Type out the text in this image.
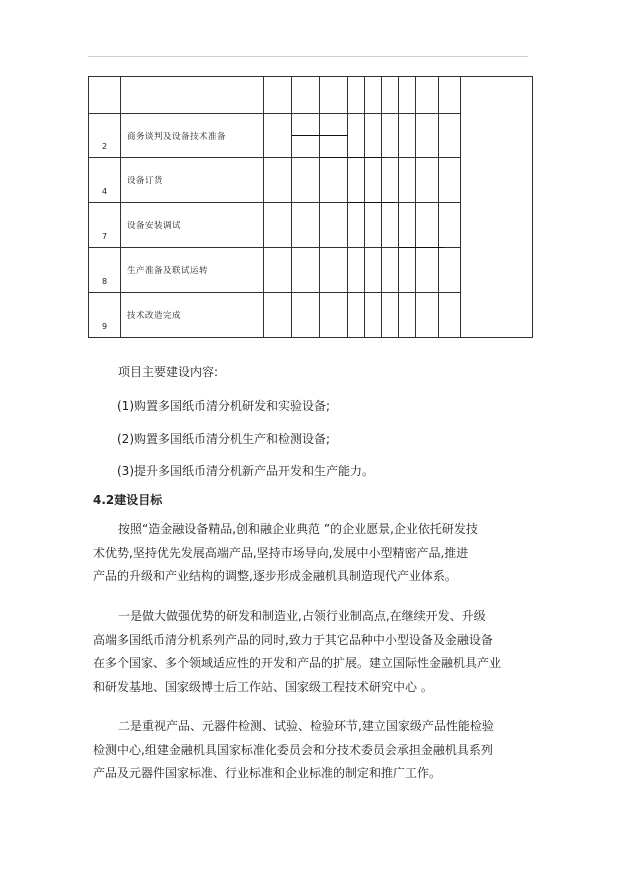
2	商务谈判及设备技术准备			

4	设备订货				

7	设备安装调试					

8	生产准备及联试运转								

9	技术改造完成										
项目主要建设内容:
(1)购置多国纸币清分机研发和实验设备;
(2)购置多国纸币清分机生产和检测设备;
(3)提升多国纸币清分机新产品开发和生产能力。
4.2建设目标
按照“造金融设备精品,创和融企业典范 ”的企业愿景,企业依托研发技
术优势,坚持优先发展高端产品,坚持市场导向,发展中小型精密产品,推进
产品的升级和产业结构的调整,逐步形成金融机具制造现代产业体系。
一是做大做强优势的研发和制造业,占领行业制高点,在继续开发、升级
高端多国纸币清分机系列产品的同时,致力于其它品种中小型设备及金融设备
在多个国家、多个领域适应性的开发和产品的扩展。建立国际性金融机具产业
和研发基地、国家级博士后工作站、国家级工程技术研究中心 。
二是重视产品、元器件检测、试验、检验环节,建立国家级产品性能检验
检测中心,组建金融机具国家标准化委员会和分技术委员会承担金融机具系列
产品及元器件国家标准、行业标准和企业标准的制定和推广工作。
